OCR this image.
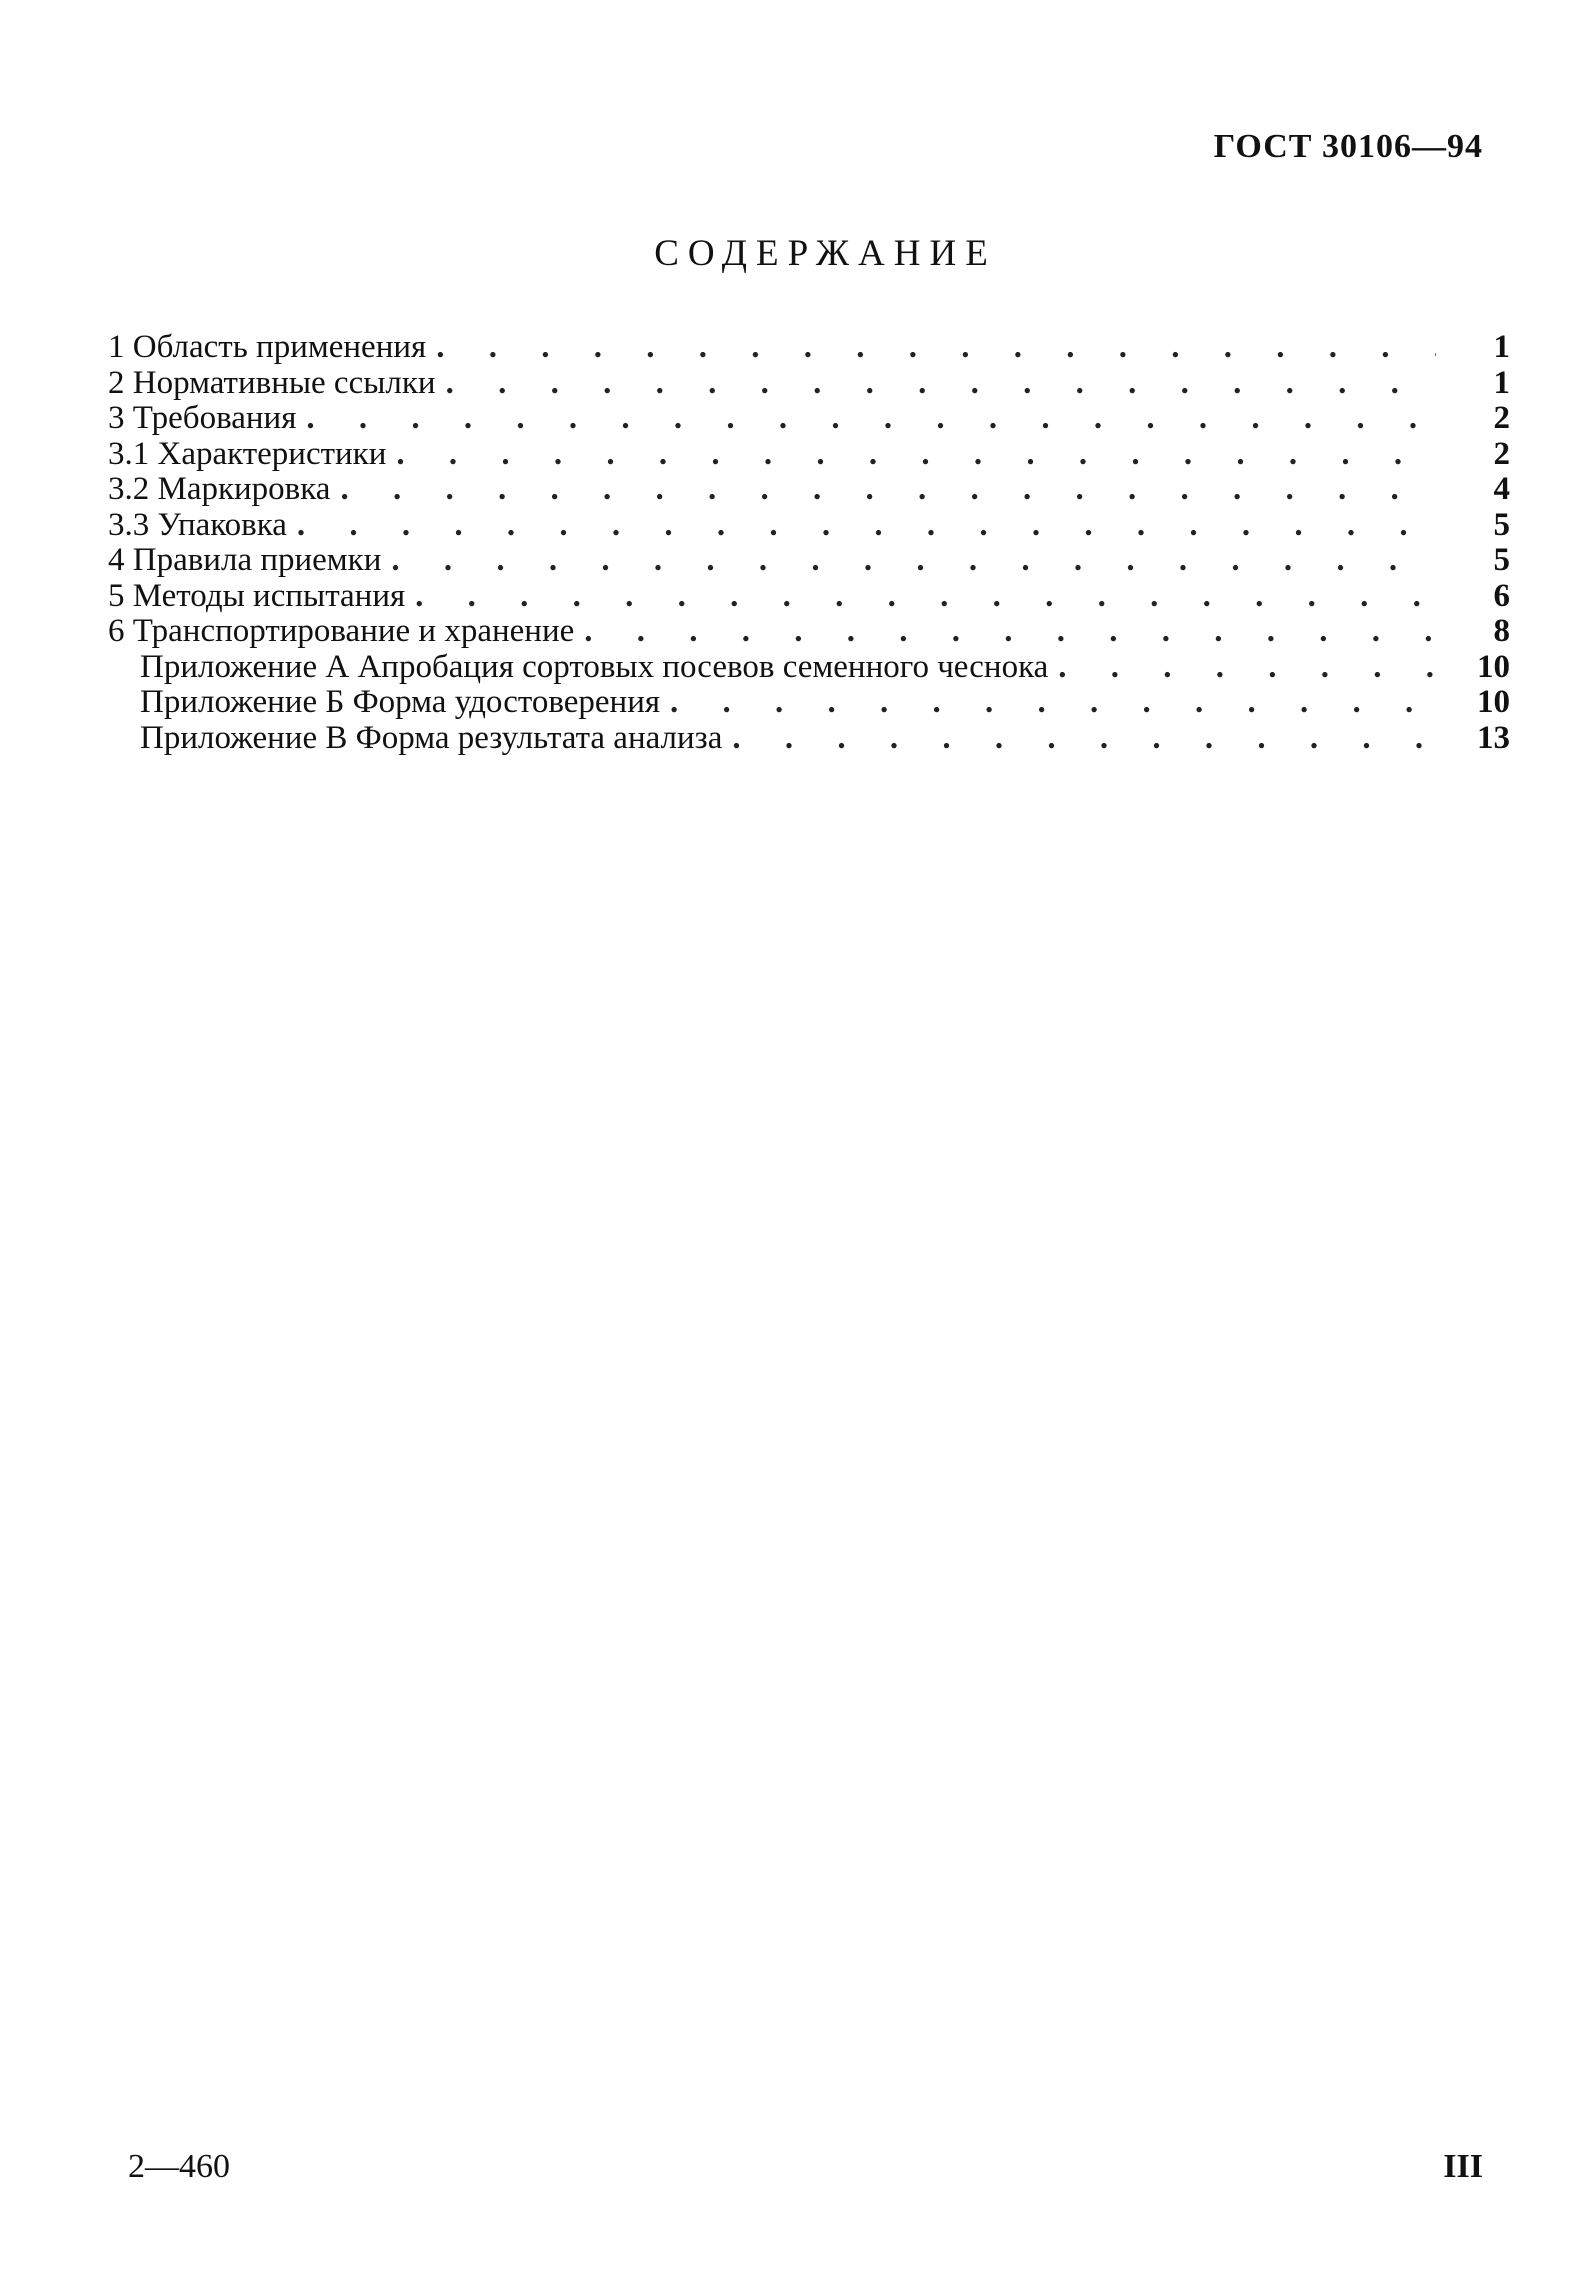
ГОСТ 30106—94
СОДЕРЖАНИЕ
1 Область применения . . .	1
2 Нормативные ссылки . . .	1
3 Требования . . .	2
3.1 Характеристики . . .	2
3.2 Маркировка . . .	4
3.3 Упаковка . . .	5
4 Правила приемки . . .	5
5 Методы испытания . . .	6
6 Транспортирование и хранение . . .	8
Приложение А Апробация сортовых посевов семенного чеснока . . .	10
Приложение Б Форма удостоверения . . .	10
Приложение В Форма результата анализа . . .	13
2—460	III
